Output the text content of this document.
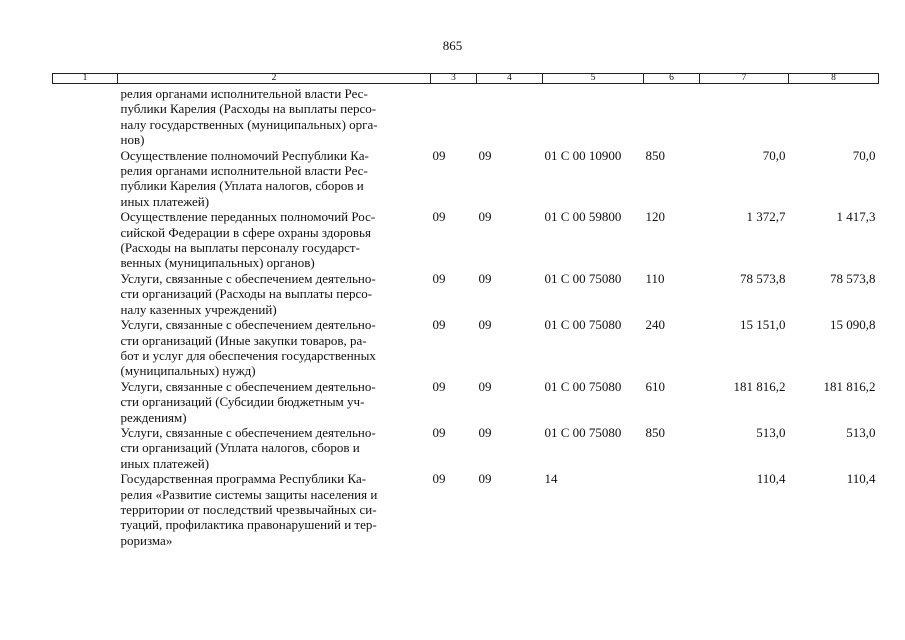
865
1	2	3	4	5	6	7	8

	релия органами исполнительной власти Рес-
публики Карелия (Расходы на выплаты персо-
налу государственных (муниципальных) орга-
нов)						

	Осуществление полномочий Республики Ка-
релия органами исполнительной власти Рес-
публики Карелия (Уплата налогов, сборов и
иных платежей)	09	09	01 С 00 10900	850	70,0	70,0

	Осуществление переданных полномочий Рос-
сийской Федерации в сфере охраны здоровья
(Расходы на выплаты персоналу государст-
венных (муниципальных) органов)	09	09	01 С 00 59800	120	1 372,7	1 417,3

	Услуги, связанные с обеспечением деятельно-
сти организаций (Расходы на выплаты персо-
налу казенных учреждений)	09	09	01 С 00 75080	110	78 573,8	78 573,8

	Услуги, связанные с обеспечением деятельно-
сти организаций (Иные закупки товаров, ра-
бот и услуг для обеспечения государственных
(муниципальных) нужд)	09	09	01 С 00 75080	240	15 151,0	15 090,8

	Услуги, связанные с обеспечением деятельно-
сти организаций (Субсидии бюджетным уч-
реждениям)	09	09	01 С 00 75080	610	181 816,2	181 816,2

	Услуги, связанные с обеспечением деятельно-
сти организаций (Уплата налогов, сборов и
иных платежей)	09	09	01 С 00 75080	850	513,0	513,0

	Государственная программа Республики Ка-
релия «Развитие системы защиты населения и
территории от последствий чрезвычайных си-
туаций, профилактика правонарушений и тер-
роризма»	09	09	14		110,4	110,4
